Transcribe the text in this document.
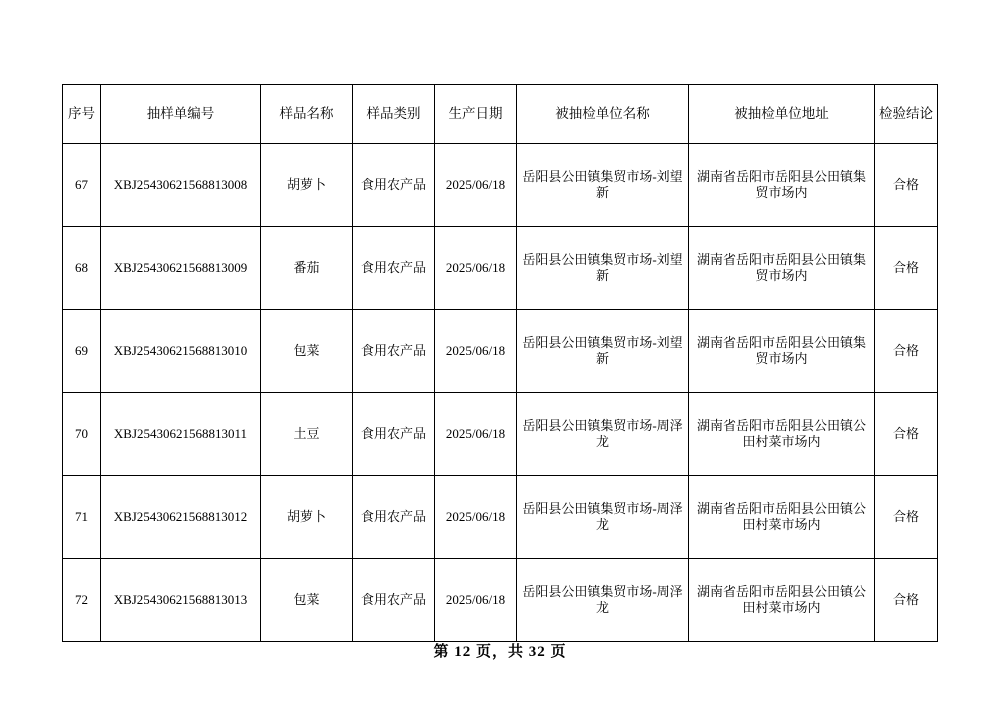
序号	抽样单编号	样品名称	样品类别	生产日期	被抽检单位名称	被抽检单位地址	检验结论
67	XBJ25430621568813008	胡萝卜	食用农产品	2025/06/18	岳阳县公田镇集贸市场-刘望新	湖南省岳阳市岳阳县公田镇集贸市场内	合格
68	XBJ25430621568813009	番茄	食用农产品	2025/06/18	岳阳县公田镇集贸市场-刘望新	湖南省岳阳市岳阳县公田镇集贸市场内	合格
69	XBJ25430621568813010	包菜	食用农产品	2025/06/18	岳阳县公田镇集贸市场-刘望新	湖南省岳阳市岳阳县公田镇集贸市场内	合格
70	XBJ25430621568813011	土豆	食用农产品	2025/06/18	岳阳县公田镇集贸市场-周泽龙	湖南省岳阳市岳阳县公田镇公田村菜市场内	合格
71	XBJ25430621568813012	胡萝卜	食用农产品	2025/06/18	岳阳县公田镇集贸市场-周泽龙	湖南省岳阳市岳阳县公田镇公田村菜市场内	合格
72	XBJ25430621568813013	包菜	食用农产品	2025/06/18	岳阳县公田镇集贸市场-周泽龙	湖南省岳阳市岳阳县公田镇公田村菜市场内	合格
第 12 页，共 32 页
